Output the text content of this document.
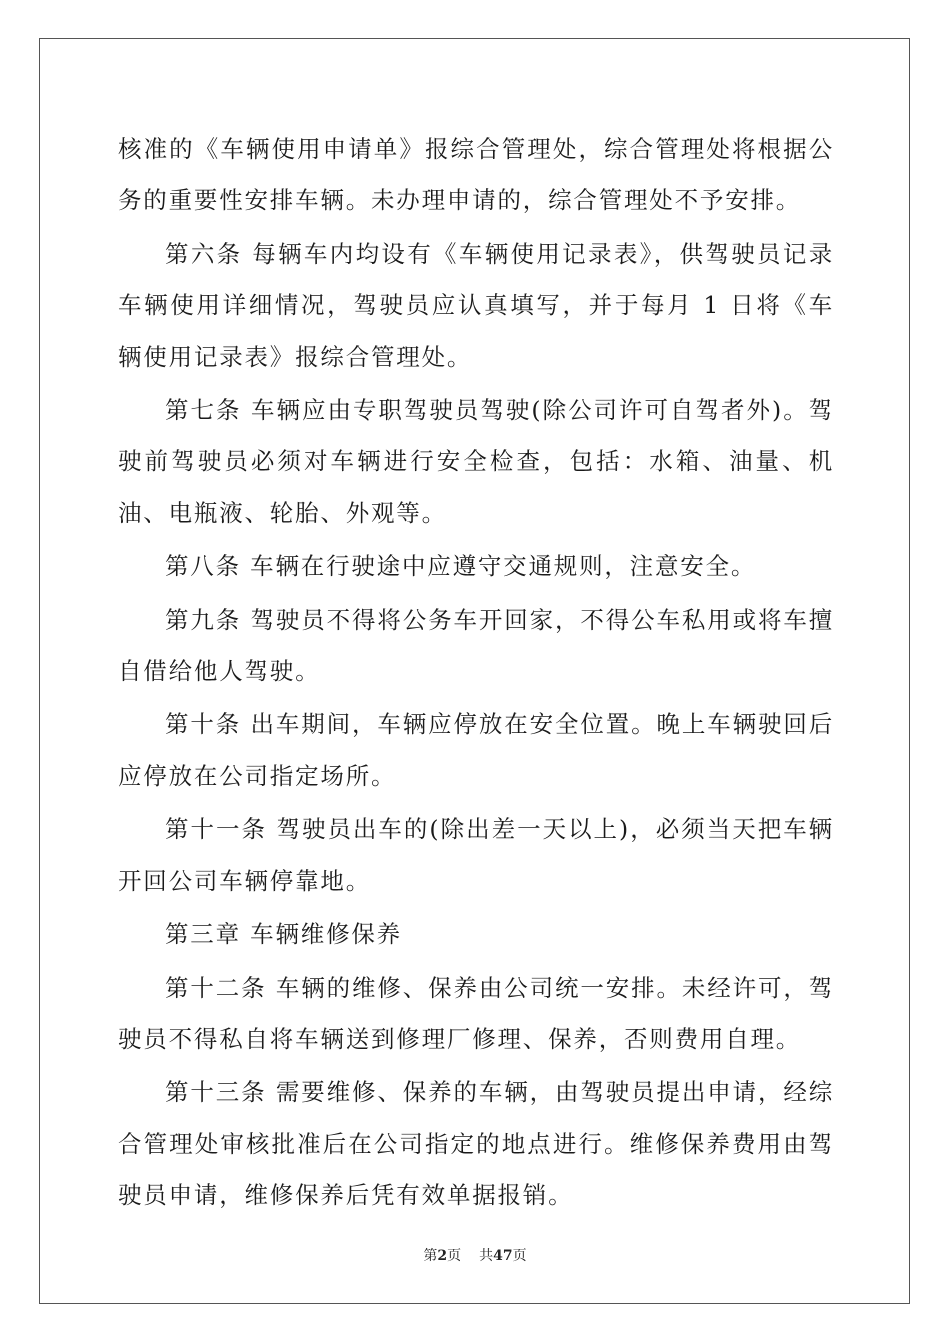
核准的《车辆使用申请单》报综合管理处，综合管理处将根据公务的重要性安排车辆。未办理申请的，综合管理处不予安排。

第六条 每辆车内均设有《车辆使用记录表》，供驾驶员记录车辆使用详细情况，驾驶员应认真填写，并于每月 1 日将《车辆使用记录表》报综合管理处。

第七条 车辆应由专职驾驶员驾驶(除公司许可自驾者外)。驾驶前驾驶员必须对车辆进行安全检查，包括：水箱、油量、机油、电瓶液、轮胎、外观等。

第八条 车辆在行驶途中应遵守交通规则，注意安全。

第九条 驾驶员不得将公务车开回家，不得公车私用或将车擅自借给他人驾驶。

第十条 出车期间，车辆应停放在安全位置。晚上车辆驶回后应停放在公司指定场所。

第十一条 驾驶员出车的(除出差一天以上)，必须当天把车辆开回公司车辆停靠地。

第三章 车辆维修保养

第十二条 车辆的维修、保养由公司统一安排。未经许可，驾驶员不得私自将车辆送到修理厂修理、保养，否则费用自理。

第十三条 需要维修、保养的车辆，由驾驶员提出申请，经综合管理处审核批准后在公司指定的地点进行。维修保养费用由驾驶员申请，维修保养后凭有效单据报销。

第2页 共47页
